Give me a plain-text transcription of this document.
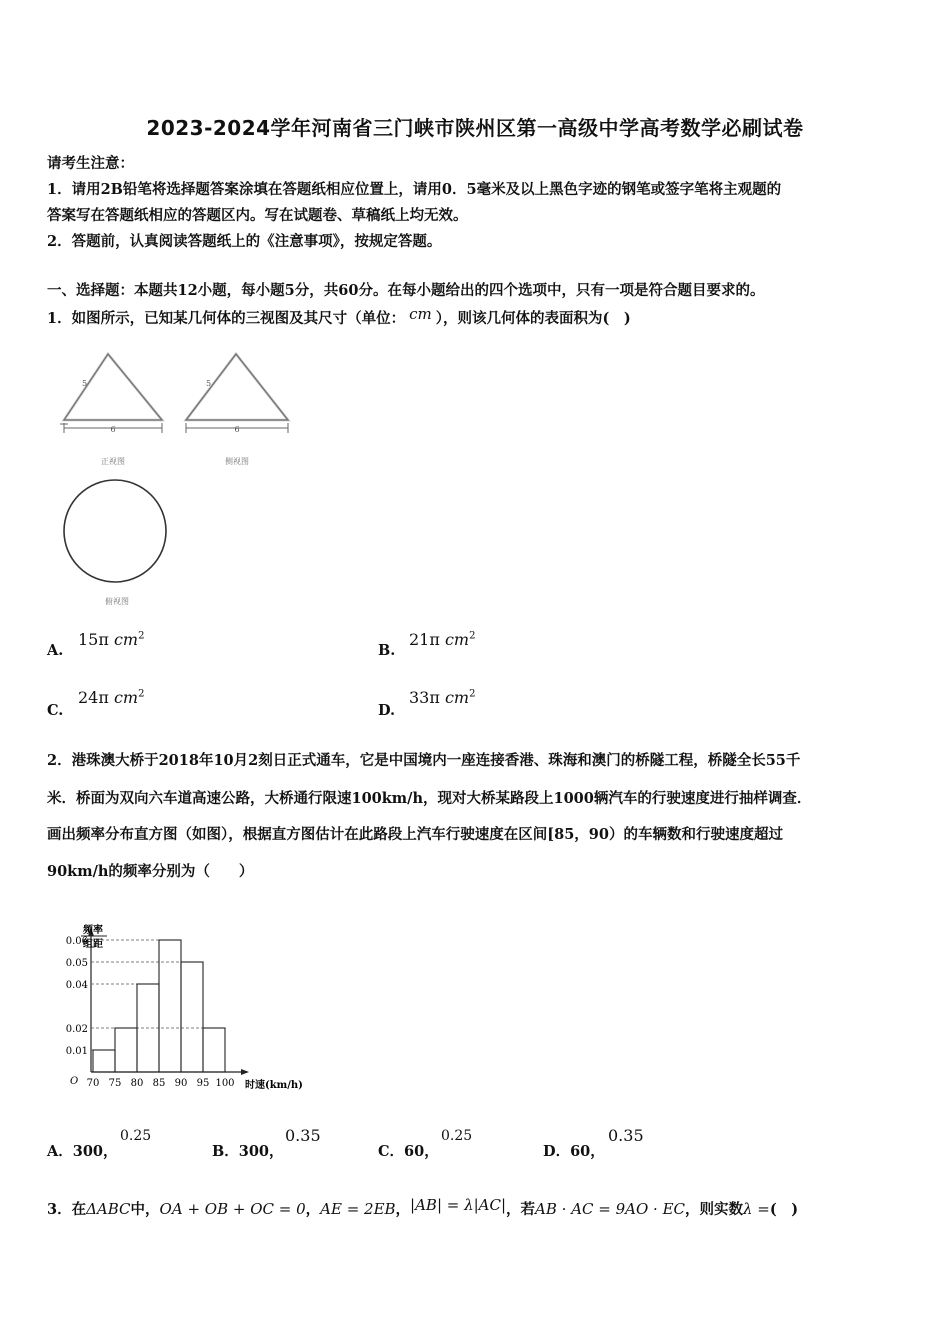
2023-2024学年河南省三门峡市陕州区第一高级中学高考数学必刷试卷
请考生注意：
1．请用2B铅笔将选择题答案涂填在答题纸相应位置上，请用0．5毫米及以上黑色字迹的钢笔或签字笔将主观题的
答案写在答题纸相应的答题区内。写在试题卷、草稿纸上均无效。
2．答题前，认真阅读答题纸上的《注意事项》，按规定答题。
一、选择题：本题共12小题，每小题5分，共60分。在每小题给出的四个选项中，只有一项是符合题目要求的。
1．如图所示，已知某几何体的三视图及其尺寸（单位： cm ），则该几何体的表面积为(　)
6
5
正视图
6
5
侧视图
俯视图
A.
15π $cm^2$
B.
21π $cm^2$
C.
24π $cm^2$
D.
33π $cm^2$
2．港珠澳大桥于2018年10月2刻日正式通车，它是中国境内一座连接香港、珠海和澳门的桥隧工程，桥隧全长55千
米．桥面为双向六车道高速公路，大桥通行限速100km/h，现对大桥某路段上1000辆汽车的行驶速度进行抽样调查．
画出频率分布直方图（如图），根据直方图估计在此路段上汽车行驶速度在区间[85，90）的车辆数和行驶速度超过
90km/h的频率分别为（　　）
频率
组距
O
0.01
0.02
0.04
0.05
0.06
70 75 80 85 90 95 100 时速(km/h)
A．300，
0.25
B．300，
0.35
C．60，
0.25
D．60，
0.35
3．在ΔABC中，OA + OB + OC = 0，AE = 2EB，|AB| = λ|AC|，若AB · AC = 9AO · EC，则实数λ =(　)
